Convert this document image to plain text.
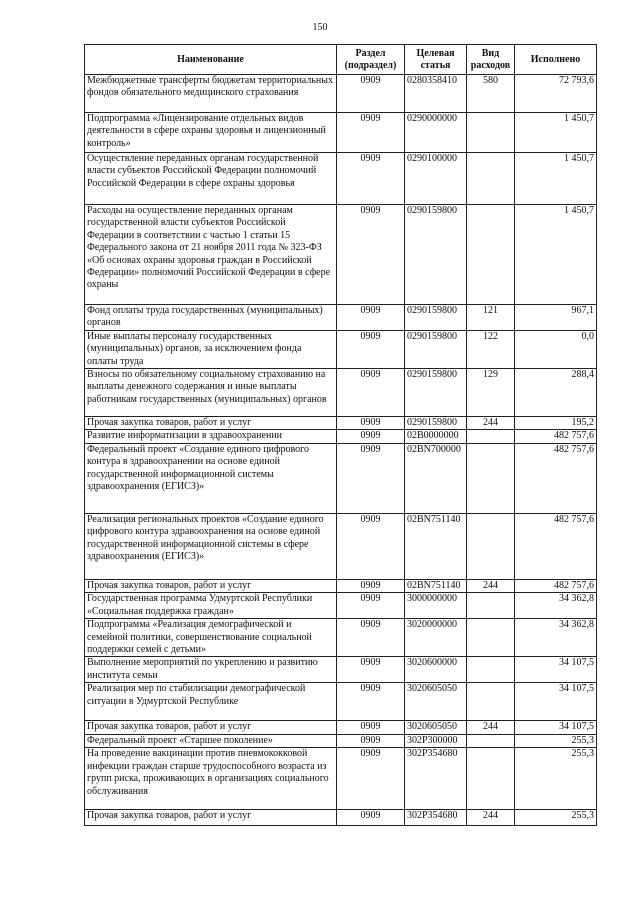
150
Наименование	Раздел (подраздел)	Целевая статья	Вид расходов	Исполнено
Межбюджетные трансферты бюджетам территориальных фондов обязательного медицинского страхования	0909	0280358410	580	72 793,6
Подпрограмма «Лицензирование отдельных видов деятельности в сфере охраны здоровья и лицензионный контроль»	0909	0290000000		1 450,7
Осуществление переданных органам государственной власти субъектов Российской Федерации полномочий Российской Федерации в сфере охраны здоровья	0909	0290100000		1 450,7
Расходы на осуществление переданных органам государственной власти субъектов Российской Федерации в соответствии с частью 1 статьи 15 Федерального закона от 21 ноября 2011 года № 323-ФЗ «Об основах охраны здоровья граждан в Российской Федерации» полномочий Российской Федерации в сфере охраны	0909	0290159800		1 450,7
Фонд оплаты труда государственных (муниципальных) органов	0909	0290159800	121	967,1
Иные выплаты персоналу государственных (муниципальных) органов, за исключением фонда оплаты труда	0909	0290159800	122	0,0
Взносы по обязательному социальному страхованию на выплаты денежного содержания и иные выплаты работникам государственных (муниципальных) органов	0909	0290159800	129	288,4
Прочая закупка товаров, работ и услуг	0909	0290159800	244	195,2
Развитие информатизации в здравоохранении	0909	02B0000000		482 757,6
Федеральный проект «Создание единого цифрового контура в здравоохранении на основе единой государственной информационной системы здравоохранения (ЕГИСЗ)»	0909	02BN700000		482 757,6
Реализация региональных проектов «Создание единого цифрового контура здравоохранения на основе единой государственной информационной системы в сфере здравоохранения (ЕГИСЗ)»	0909	02BN751140		482 757,6
Прочая закупка товаров, работ и услуг	0909	02BN751140	244	482 757,6
Государственная программа Удмуртской Республики «Социальная поддержка граждан»	0909	3000000000		34 362,8
Подпрограмма «Реализация демографической и семейной политики, совершенствование социальной поддержки семей с детьми»	0909	3020000000		34 362,8
Выполнение мероприятий по укреплению и развитию института семьи	0909	3020600000		34 107,5
Реализация мер по стабилизации демографической ситуации в Удмуртской Республике	0909	3020605050		34 107,5
Прочая закупка товаров, работ и услуг	0909	3020605050	244	34 107,5
Федеральный проект «Старшее поколение»	0909	302P300000		255,3
На проведение вакцинации против пневмококковой инфекции граждан старше трудоспособного возраста из групп риска, проживающих в организациях социального обслуживания	0909	302P354680		255,3
Прочая закупка товаров, работ и услуг	0909	302P354680	244	255,3
